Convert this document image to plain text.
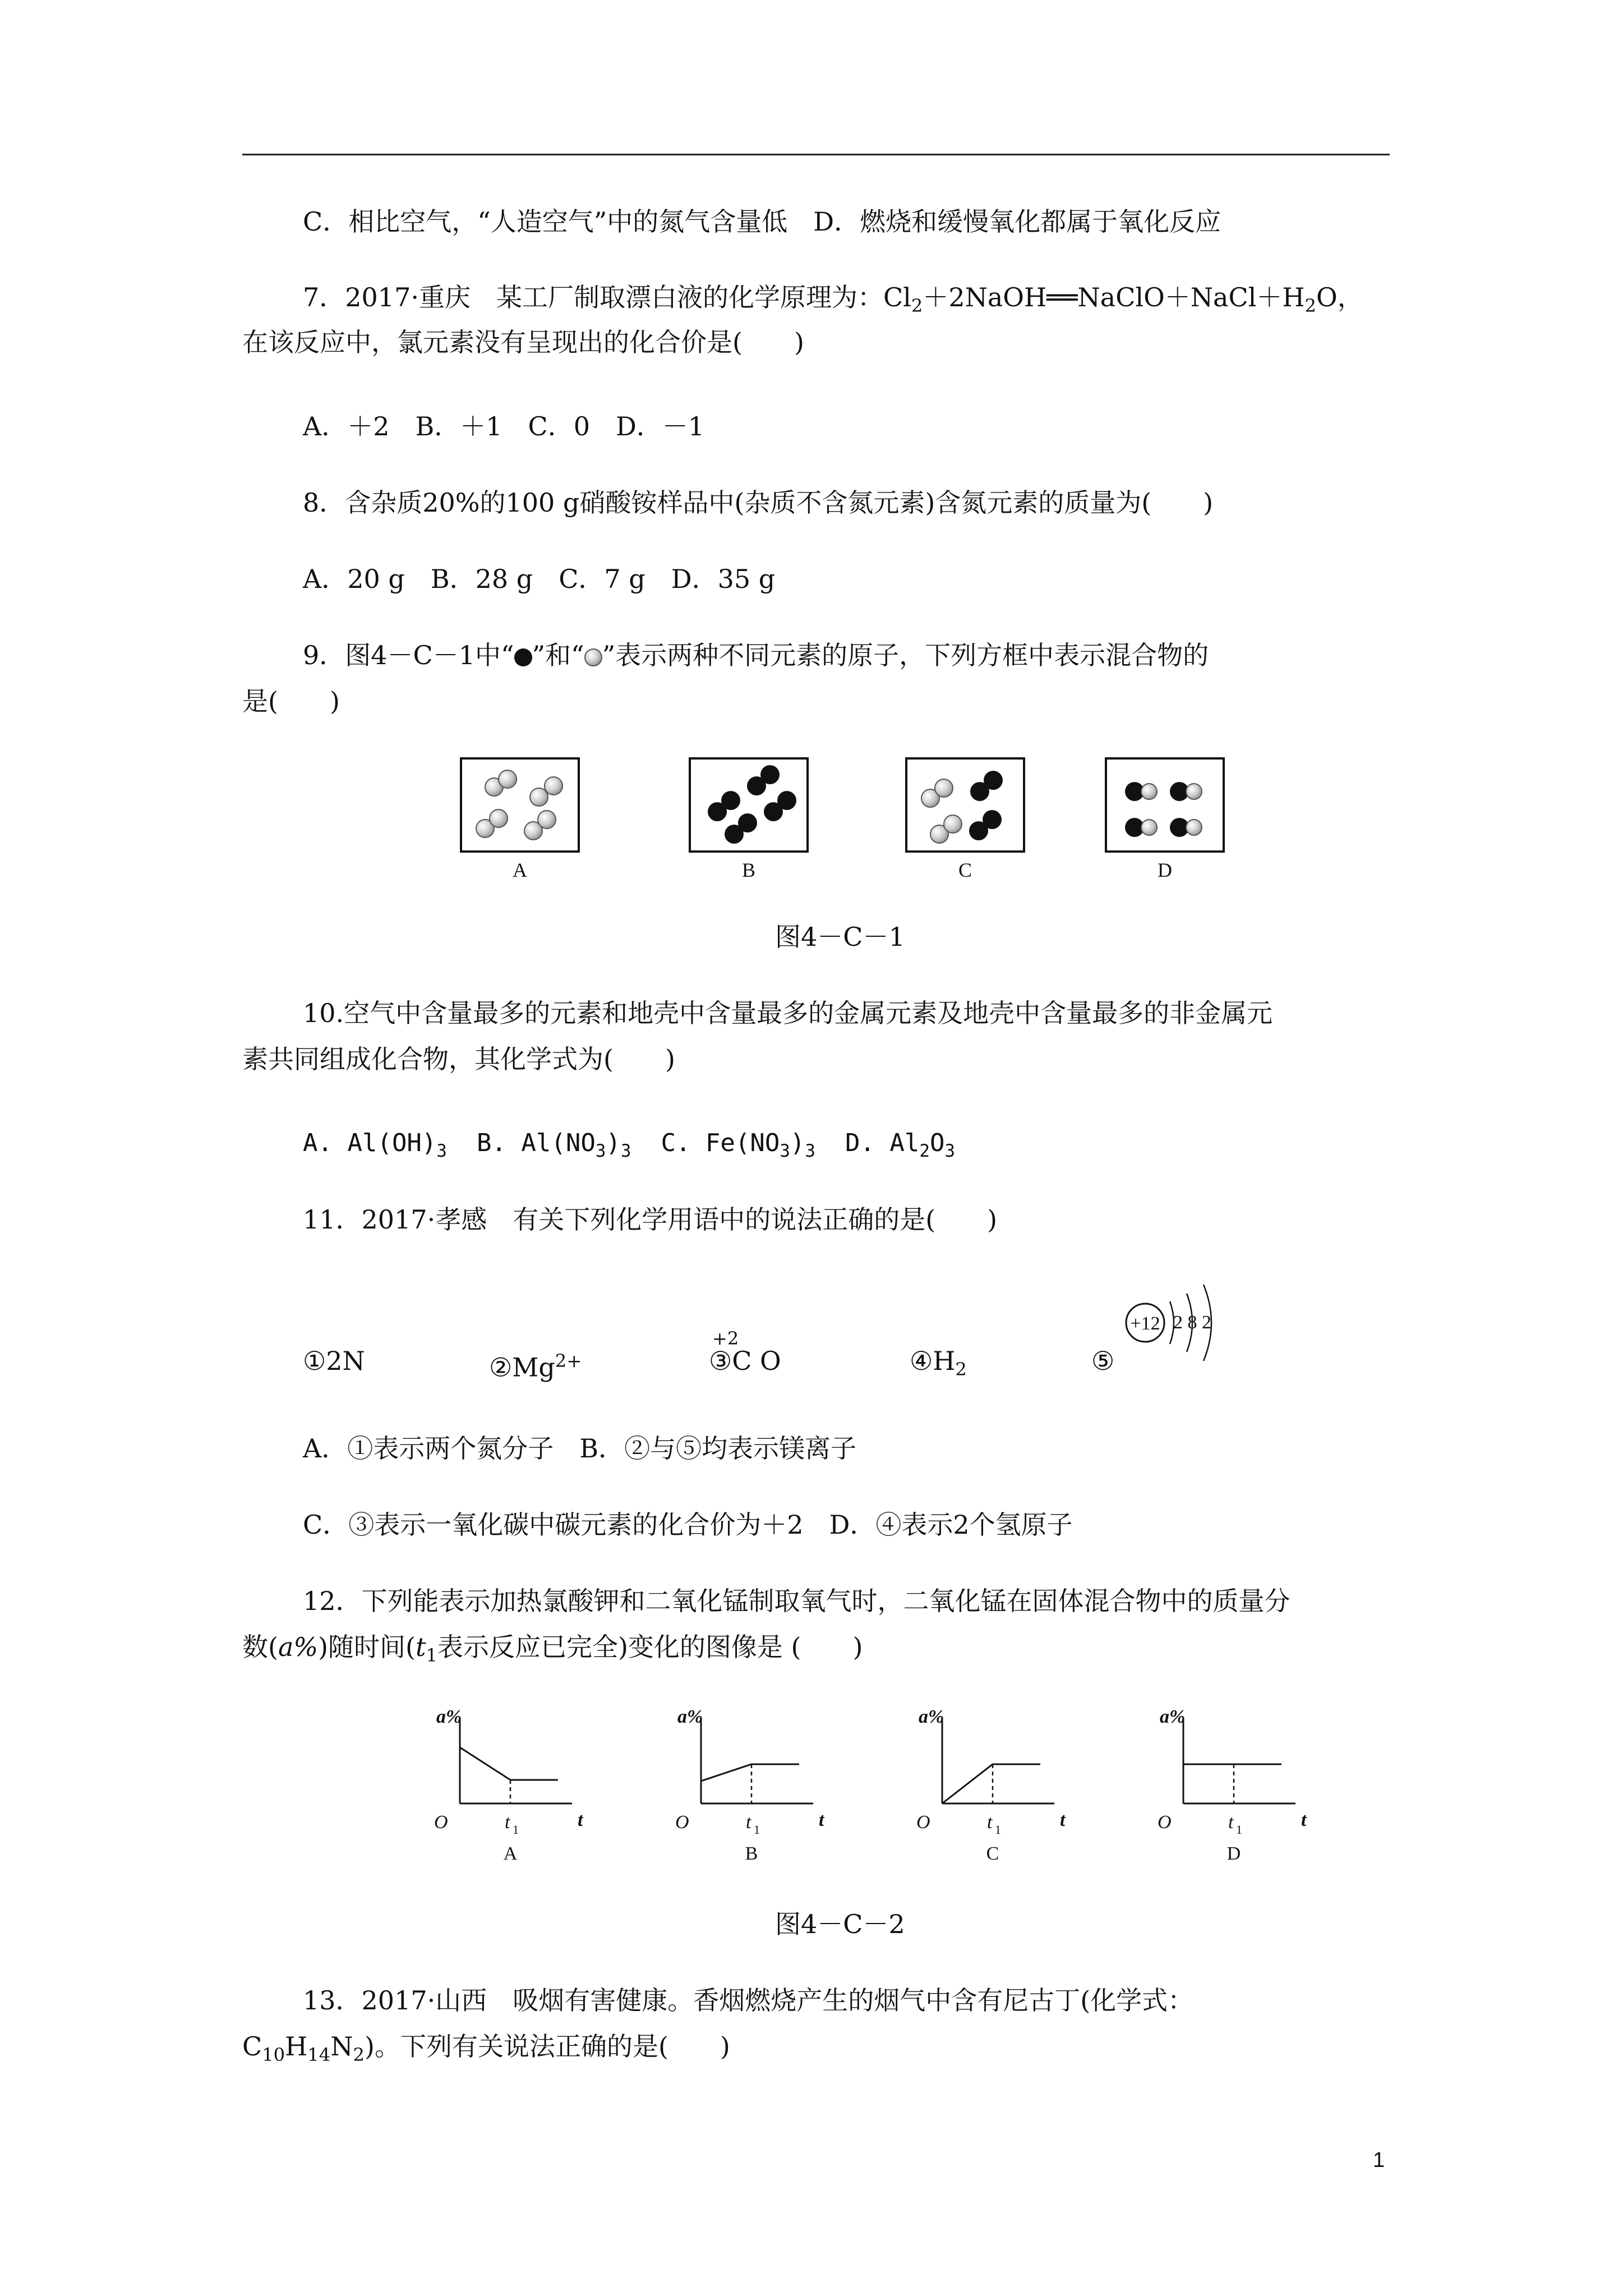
C．相比空气，“人造空气”中的氮气含量低　D．燃烧和缓慢氧化都属于氧化反应
7．2017·重庆　某工厂制取漂白液的化学原理为：$Cl_2+2NaOH══NaClO+NaCl+H_2O$，
在该反应中，氯元素没有呈现出的化合价是(　　)
A．＋2　B．＋1　C．0　D．－1
8．含杂质20%的100 g硝酸铵样品中(杂质不含氮元素)含氮元素的质量为(　　)
A．20 g　B．28 g　C．7 g　D．35 g
9．图4－C－1中“ ”和“ ”表示两种不同元素的原子，下列方框中表示混合物的
是(　　)
A	B	C	D
图4－C－1
10.空气中含量最多的元素和地壳中含量最多的金属元素及地壳中含量最多的非金属元
素共同组成化合物，其化学式为(　　)
A. $Al(OH)_3$ B. $Al(NO_3)_3$ C. $Fe(NO_3)_3$ D. $Al_2O_3$
11．2017·孝感　有关下列化学用语中的说法正确的是(　　)
①2N	$②Mg^{2+}$
+2
③C O	$④H_2$	⑤
+12 2 8 2
A．①表示两个氮分子　B．②与⑤均表示镁离子
C．③表示一氧化碳中碳元素的化合价为＋2　D．④表示2个氢原子
12．下列能表示加热氯酸钾和二氧化锰制取氧气时，二氧化锰在固体混合物中的质量分
数(a%)随时间($t_1$表示反应已完全)变化的图像是 (　　)
a%
O	t
t 1
A
a%
O	t
t 1
B
a%
O	t
t 1
C
a%
O	t
t 1
D
图4－C－2
13．2017·山西　吸烟有害健康。香烟燃烧产生的烟气中含有尼古丁(化学式：
$C_{10}H_{14}N_2$)。下列有关说法正确的是(　　)
1
